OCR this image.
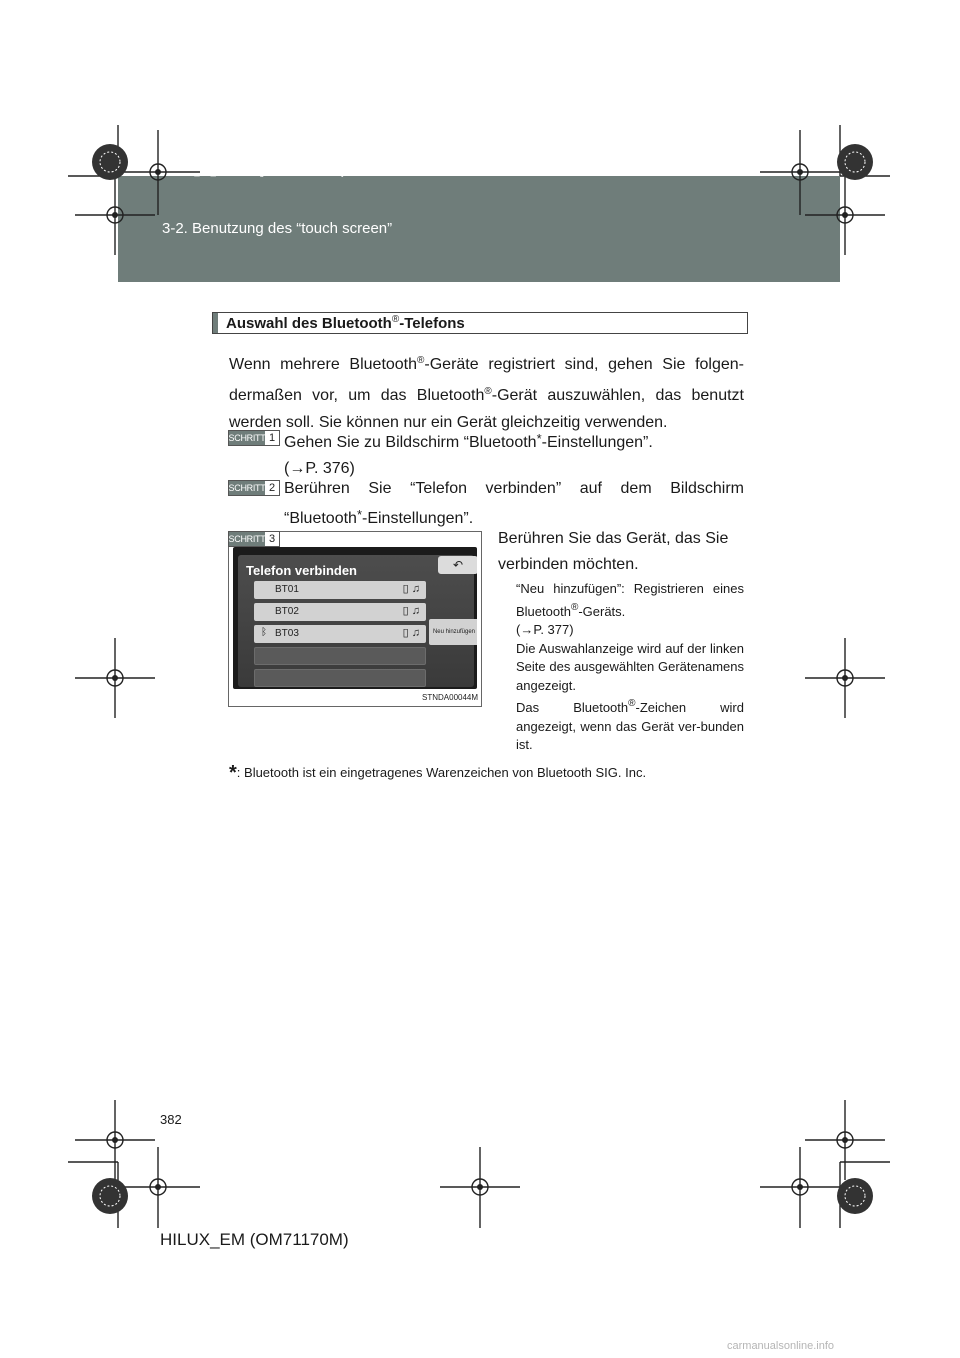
3-2. Benutzung des “touch screen”
sec_03_02.fm Page 382 Wednesday, March 30, 2011 6:43 PM
Auswahl des Bluetooth®-Telefons
Wenn mehrere Bluetooth®-Geräte registriert sind, gehen Sie folgen-dermaßen vor, um das Bluetooth®-Gerät auszuwählen, das benutzt werden soll. Sie können nur ein Gerät gleichzeitig verwenden.
SCHRITT 1 Gehen Sie zu Bildschirm “Bluetooth*-Einstellungen”.
(→P. 376)
SCHRITT 2 Berühren Sie “Telefon verbinden” auf dem Bildschirm
“Bluetooth*-Einstellungen”.
SCHRITT 3
Telefon verbinden	↶
BT01	▯ ♫
BT02	▯ ♫
ᛒ BT03	▯ ♫	Neu hinzufügen
STNDA00044M
Berühren Sie das Gerät, das Sie verbinden möchten.

“Neu hinzufügen”: Registrieren eines Bluetooth®-Geräts.

(→P. 377)

Die Auswahlanzeige wird auf der linken Seite des ausgewählten Gerätenamens angezeigt.

Das Bluetooth®-Zeichen wird angezeigt, wenn das Gerät ver-bunden ist.

*: Bluetooth ist ein eingetragenes Warenzeichen von Bluetooth SIG. Inc.
382
HILUX_EM (OM71170M)
carmanualsonline.info
